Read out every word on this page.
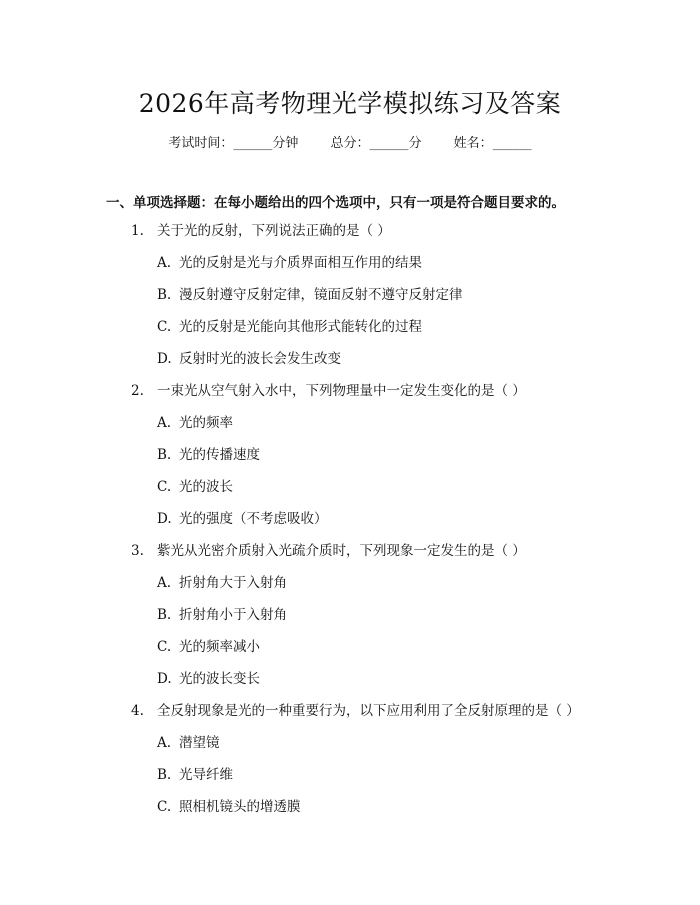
2026年高考物理光学模拟练习及答案
考试时间：______分钟 总分：______分 姓名：______
一、单项选择题：在每小题给出的四个选项中，只有一项是符合题目要求的。
1. 关于光的反射，下列说法正确的是（ ）
A. 光的反射是光与介质界面相互作用的结果
B. 漫反射遵守反射定律，镜面反射不遵守反射定律
C. 光的反射是光能向其他形式能转化的过程
D. 反射时光的波长会发生改变
2. 一束光从空气射入水中，下列物理量中一定发生变化的是（ ）
A. 光的频率
B. 光的传播速度
C. 光的波长
D. 光的强度（不考虑吸收）
3. 紫光从光密介质射入光疏介质时，下列现象一定发生的是（ ）
A. 折射角大于入射角
B. 折射角小于入射角
C. 光的频率减小
D. 光的波长变长
4. 全反射现象是光的一种重要行为，以下应用利用了全反射原理的是（ ）
A. 潜望镜
B. 光导纤维
C. 照相机镜头的增透膜
